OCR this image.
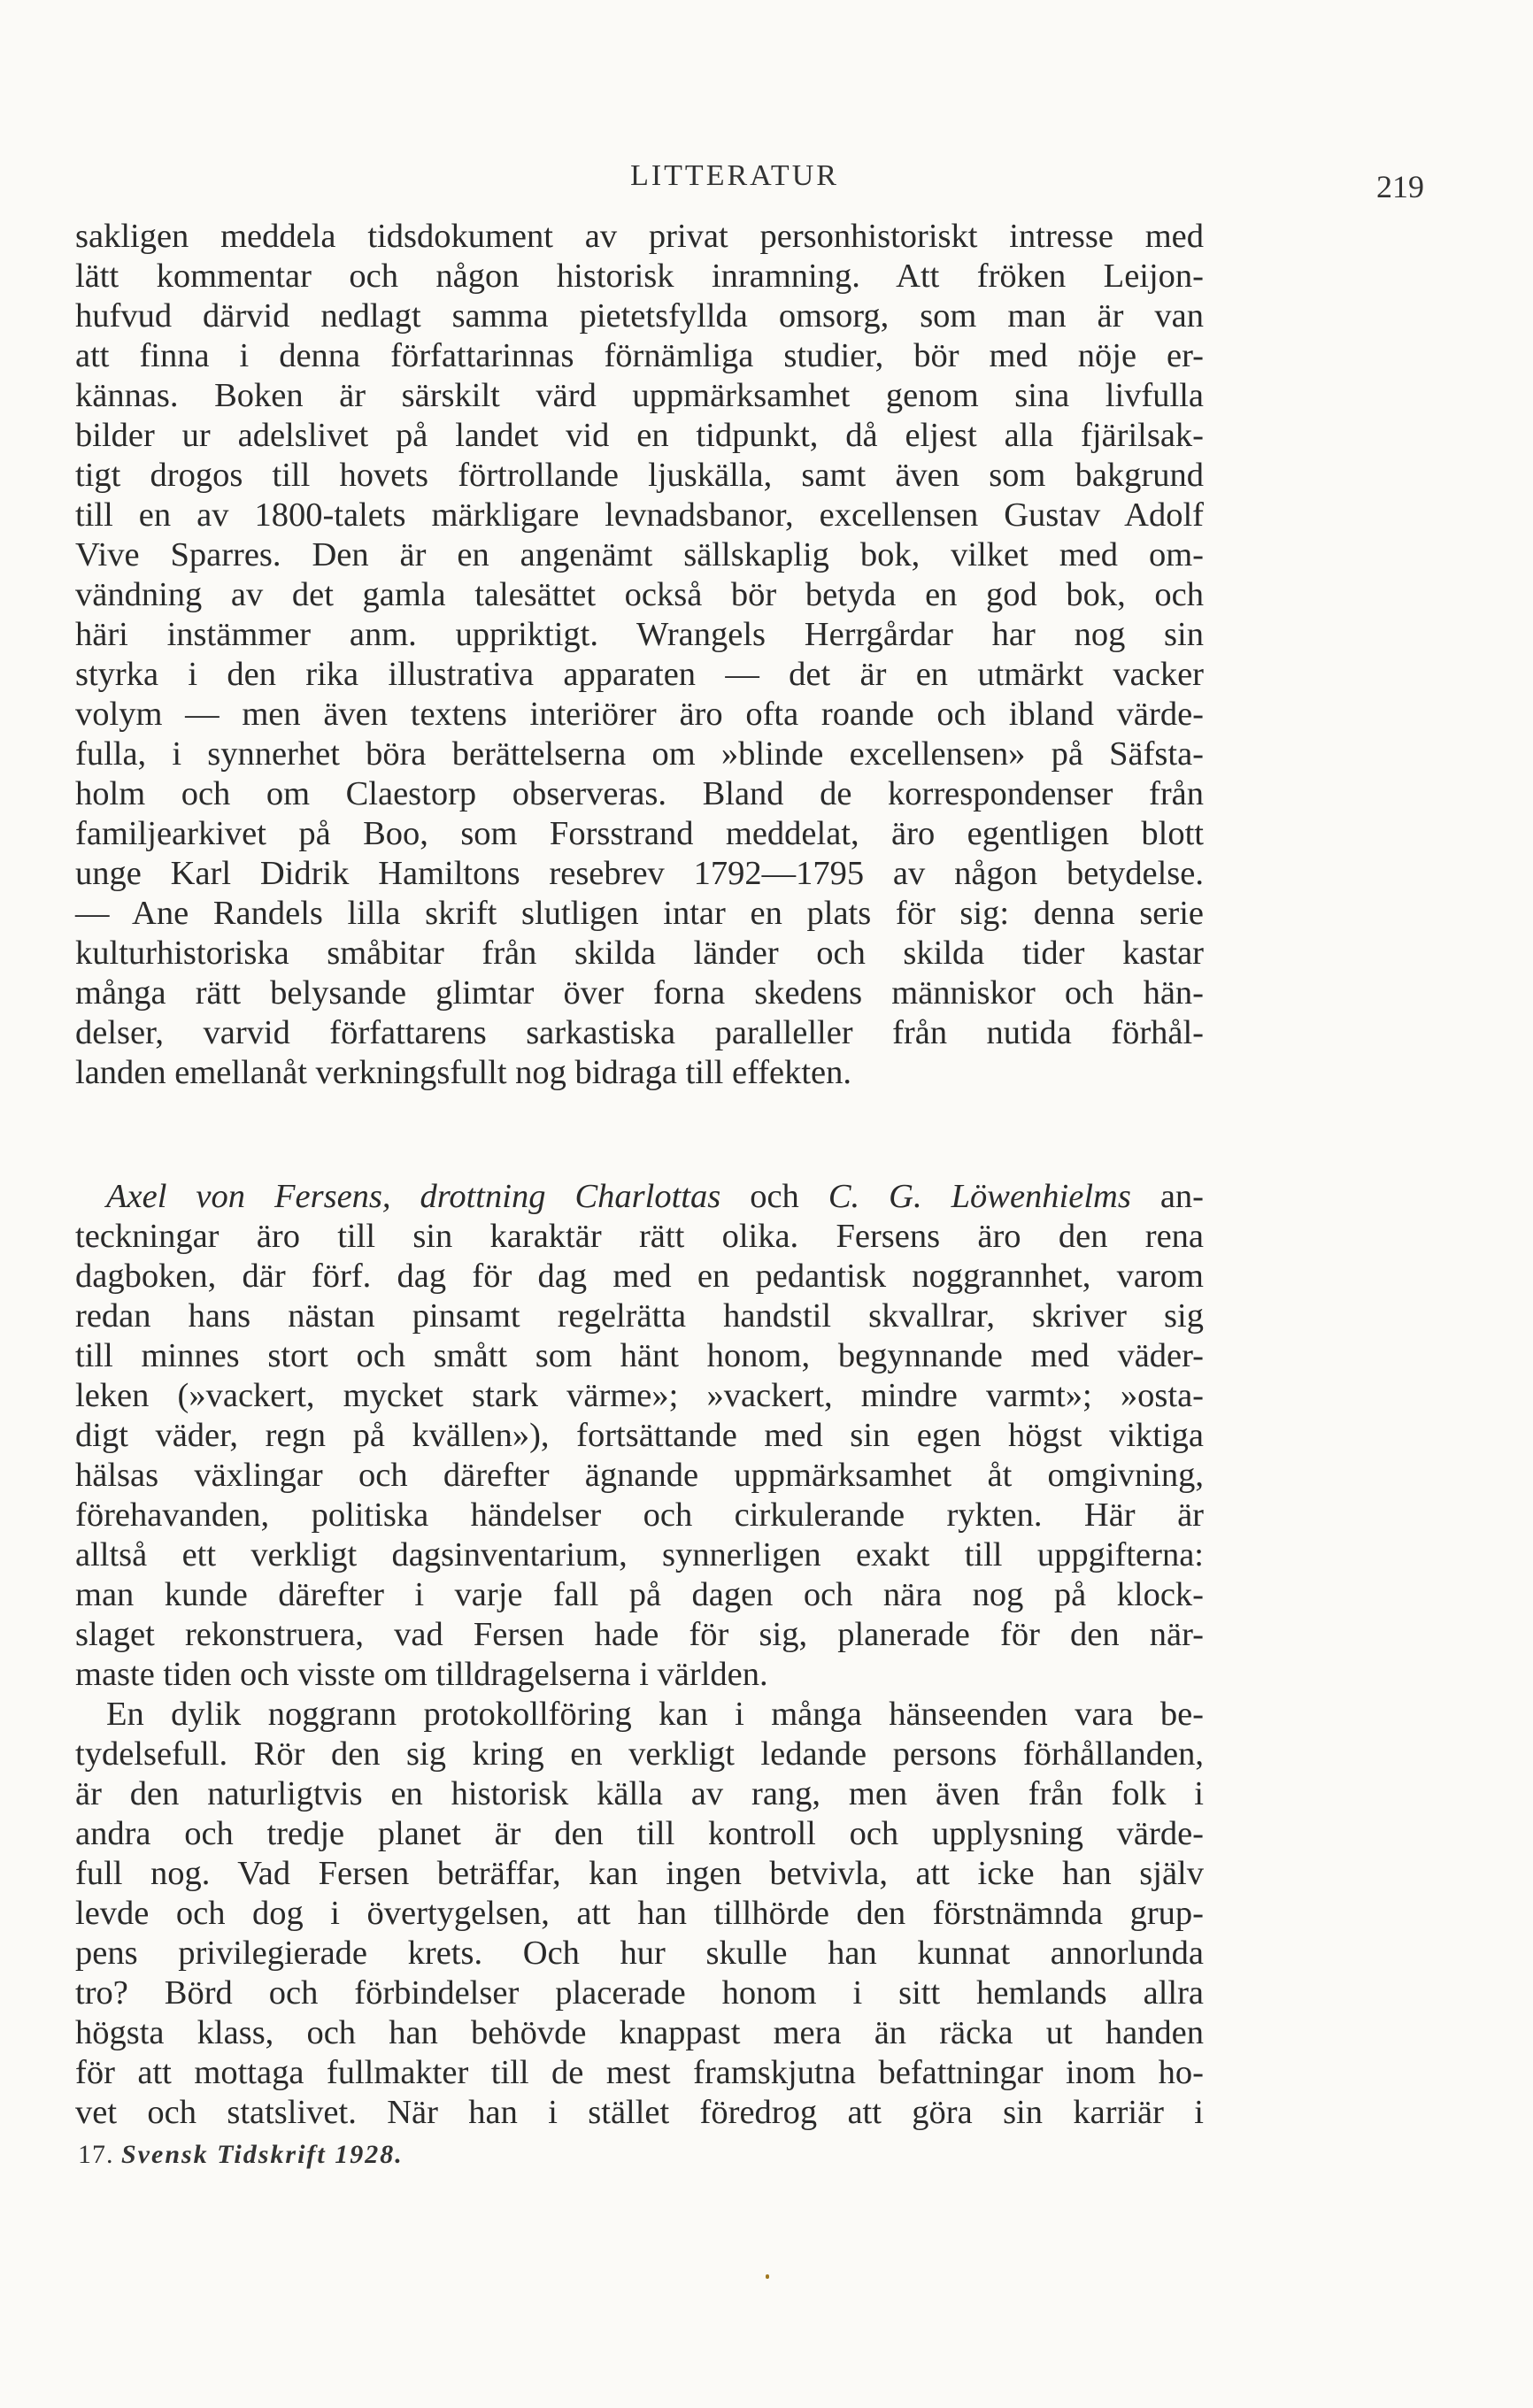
LITTERATUR	219
sakligen meddela tidsdokument av privat personhistoriskt intresse med
lätt kommentar och någon historisk inramning. Att fröken Leijon-
hufvud därvid nedlagt samma pietetsfyllda omsorg, som man är van
att finna i denna författarinnas förnämliga studier, bör med nöje er-
kännas. Boken är särskilt värd uppmärksamhet genom sina livfulla
bilder ur adelslivet på landet vid en tidpunkt, då eljest alla fjärilsak-
tigt drogos till hovets förtrollande ljuskälla, samt även som bakgrund
till en av 1800-talets märkligare levnadsbanor, excellensen Gustav Adolf
Vive Sparres. Den är en angenämt sällskaplig bok, vilket med om-
vändning av det gamla talesättet också bör betyda en god bok, och
häri instämmer anm. uppriktigt. Wrangels Herrgårdar har nog sin
styrka i den rika illustrativa apparaten — det är en utmärkt vacker
volym — men även textens interiörer äro ofta roande och ibland värde-
fulla, i synnerhet böra berättelserna om »blinde excellensen» på Säfsta-
holm och om Claestorp observeras. Bland de korrespondenser från
familjearkivet på Boo, som Forsstrand meddelat, äro egentligen blott
unge Karl Didrik Hamiltons resebrev 1792—1795 av någon betydelse.
— Ane Randels lilla skrift slutligen intar en plats för sig: denna serie
kulturhistoriska småbitar från skilda länder och skilda tider kastar
många rätt belysande glimtar över forna skedens människor och hän-
delser, varvid författarens sarkastiska paralleller från nutida förhål-
landen emellanåt verkningsfullt nog bidraga till effekten.
Axel von Fersens, drottning Charlottas och C. G. Löwenhielms an-
teckningar äro till sin karaktär rätt olika. Fersens äro den rena
dagboken, där förf. dag för dag med en pedantisk noggrannhet, varom
redan hans nästan pinsamt regelrätta handstil skvallrar, skriver sig
till minnes stort och smått som hänt honom, begynnande med väder-
leken (»vackert, mycket stark värme»; »vackert, mindre varmt»; »osta-
digt väder, regn på kvällen»), fortsättande med sin egen högst viktiga
hälsas växlingar och därefter ägnande uppmärksamhet åt omgivning,
förehavanden, politiska händelser och cirkulerande rykten. Här är
alltså ett verkligt dagsinventarium, synnerligen exakt till uppgifterna:
man kunde därefter i varje fall på dagen och nära nog på klock-
slaget rekonstruera, vad Fersen hade för sig, planerade för den när-
maste tiden och visste om tilldragelserna i världen.
En dylik noggrann protokollföring kan i många hänseenden vara be-
tydelsefull. Rör den sig kring en verkligt ledande persons förhållanden,
är den naturligtvis en historisk källa av rang, men även från folk i
andra och tredje planet är den till kontroll och upplysning värde-
full nog. Vad Fersen beträffar, kan ingen betvivla, att icke han själv
levde och dog i övertygelsen, att han tillhörde den förstnämnda grup-
pens privilegierade krets. Och hur skulle han kunnat annorlunda
tro? Börd och förbindelser placerade honom i sitt hemlands allra
högsta klass, och han behövde knappast mera än räcka ut handen
för att mottaga fullmakter till de mest framskjutna befattningar inom ho-
vet och statslivet. När han i stället föredrog att göra sin karriär i
17. Svensk Tidskrift 1928.
